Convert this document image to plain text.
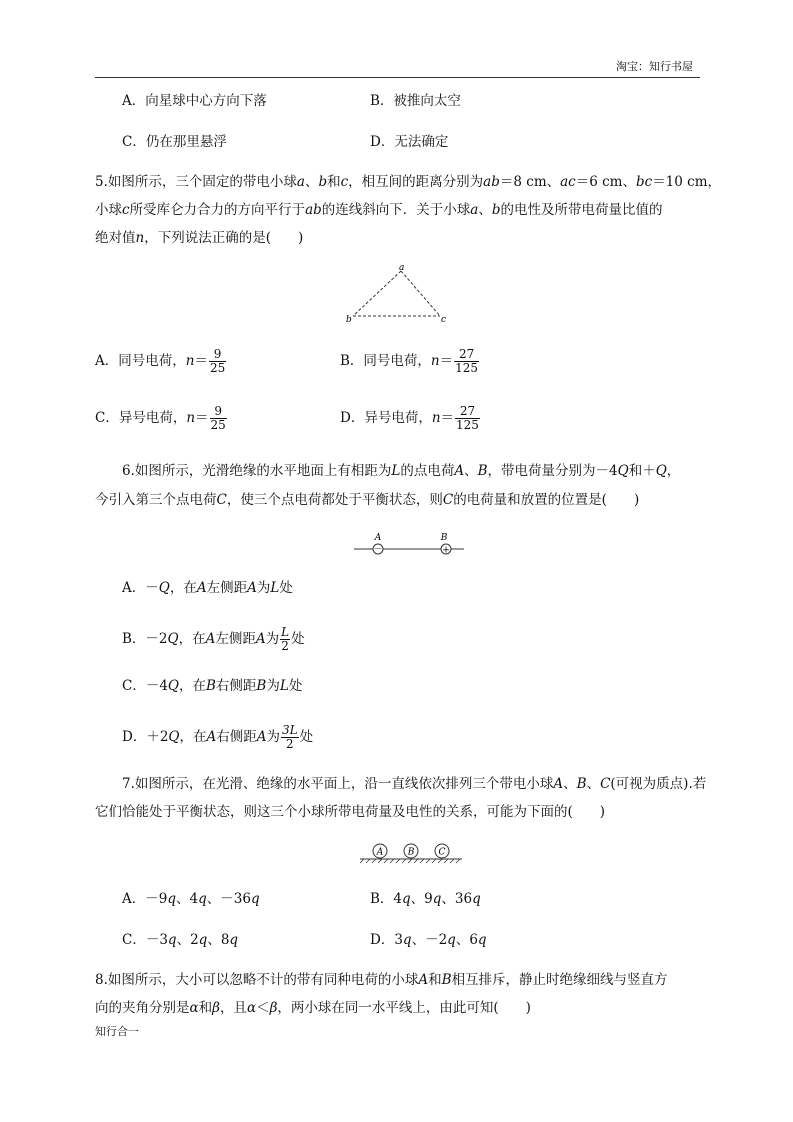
淘宝：知行书屋
A．向星球中心方向下落	B．被推向太空
C．仍在那里悬浮	D．无法确定
5.如图所示，三个固定的带电小球a、b和c，相互间的距离分别为ab＝8 cm、ac＝6 cm、bc＝10 cm，
小球c所受库仑力合力的方向平行于ab的连线斜向下．关于小球a、b的电性及所带电荷量比值的
绝对值n，下列说法正确的是(　　)
a
b	c
A．同号电荷，$n= \frac{9}{25}$	B．同号电荷，$n= \frac{27}{125}$
C．异号电荷，$n= \frac{9}{25}$	D．异号电荷，$n= \frac{27}{125}$
6.如图所示，光滑绝缘的水平地面上有相距为L的点电荷A、B，带电荷量分别为－4Q和＋Q，
今引入第三个点电荷C，使三个点电荷都处于平衡状态，则C的电荷量和放置的位置是(　　)
－	+
A	B
A．－Q，在A左侧距A为L处
B．－2Q，在A左侧距A为 $\frac{L}{2}$ 处
C．－4Q，在B右侧距B为L处
D．＋2Q，在A右侧距A为 $\frac{3L}{2}$ 处
7.如图所示，在光滑、绝缘的水平面上，沿一直线依次排列三个带电小球A、B、C(可视为质点).若
它们恰能处于平衡状态，则这三个小球所带电荷量及电性的关系，可能为下面的(　　)
A	B	C
A．－9q、4q、－36q	B．4q、9q、36q
C．－3q、2q、8q	D．3q、－2q、6q
8.如图所示，大小可以忽略不计的带有同种电荷的小球A和B相互排斥，静止时绝缘细线与竖直方
向的夹角分别是α和β，且α＜β，两小球在同一水平线上，由此可知(　　)
知行合一
